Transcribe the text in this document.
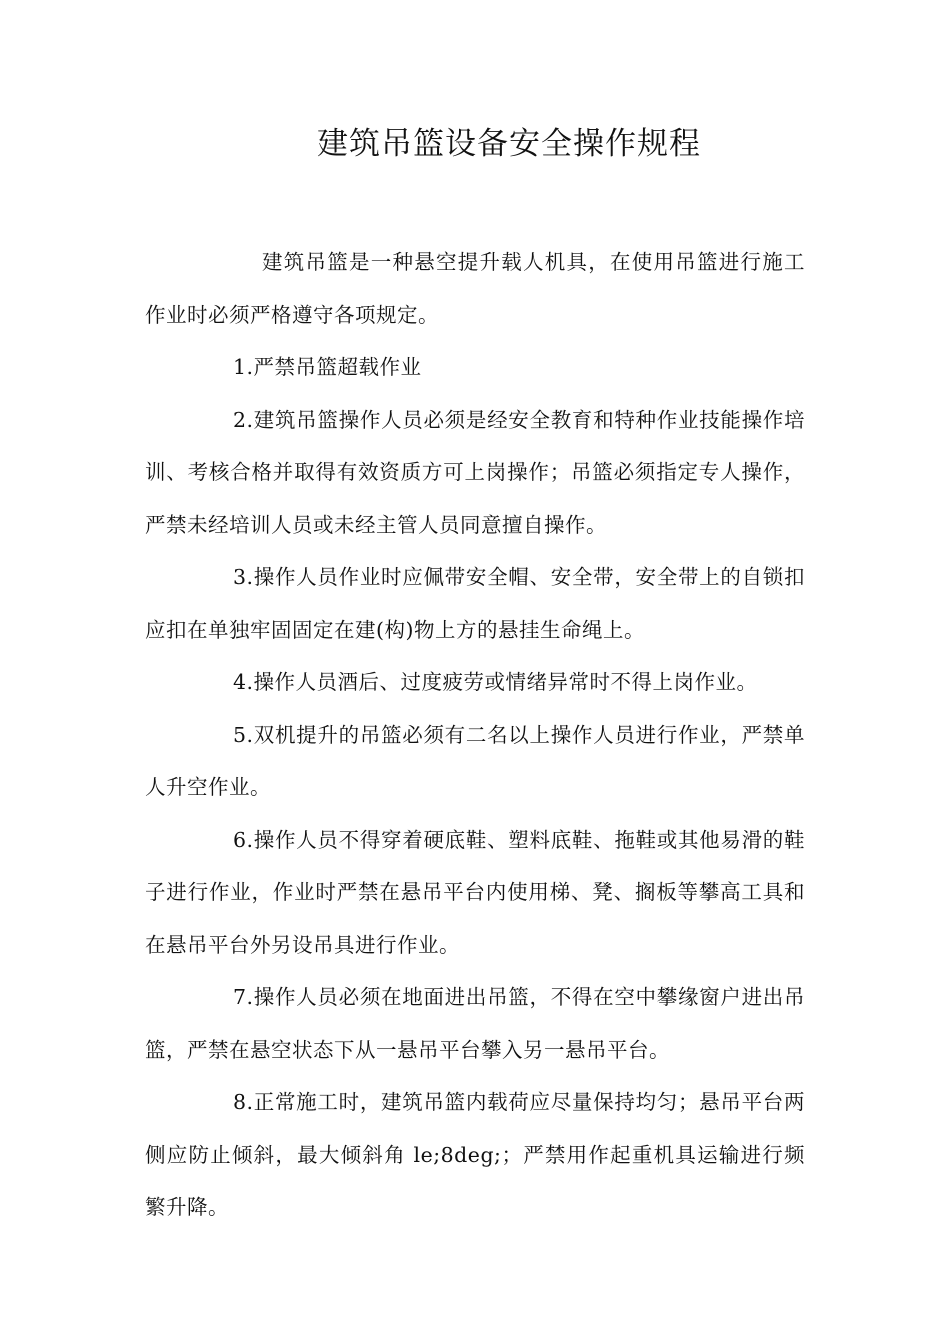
建筑吊篮设备安全操作规程

建筑吊篮是一种悬空提升载人机具，在使用吊篮进行施工作业时必须严格遵守各项规定。

1.严禁吊篮超载作业

2.建筑吊篮操作人员必须是经安全教育和特种作业技能操作培训、考核合格并取得有效资质方可上岗操作；吊篮必须指定专人操作，严禁未经培训人员或未经主管人员同意擅自操作。

3.操作人员作业时应佩带安全帽、安全带，安全带上的自锁扣应扣在单独牢固固定在建(构)物上方的悬挂生命绳上。

4.操作人员酒后、过度疲劳或情绪异常时不得上岗作业。

5.双机提升的吊篮必须有二名以上操作人员进行作业，严禁单人升空作业。

6.操作人员不得穿着硬底鞋、塑料底鞋、拖鞋或其他易滑的鞋子进行作业，作业时严禁在悬吊平台内使用梯、凳、搁板等攀高工具和在悬吊平台外另设吊具进行作业。

7.操作人员必须在地面进出吊篮，不得在空中攀缘窗户进出吊篮，严禁在悬空状态下从一悬吊平台攀入另一悬吊平台。

8.正常施工时，建筑吊篮内载荷应尽量保持均匀；悬吊平台两侧应防止倾斜，最大倾斜角 le;8deg;；严禁用作起重机具运输进行频繁升降。
